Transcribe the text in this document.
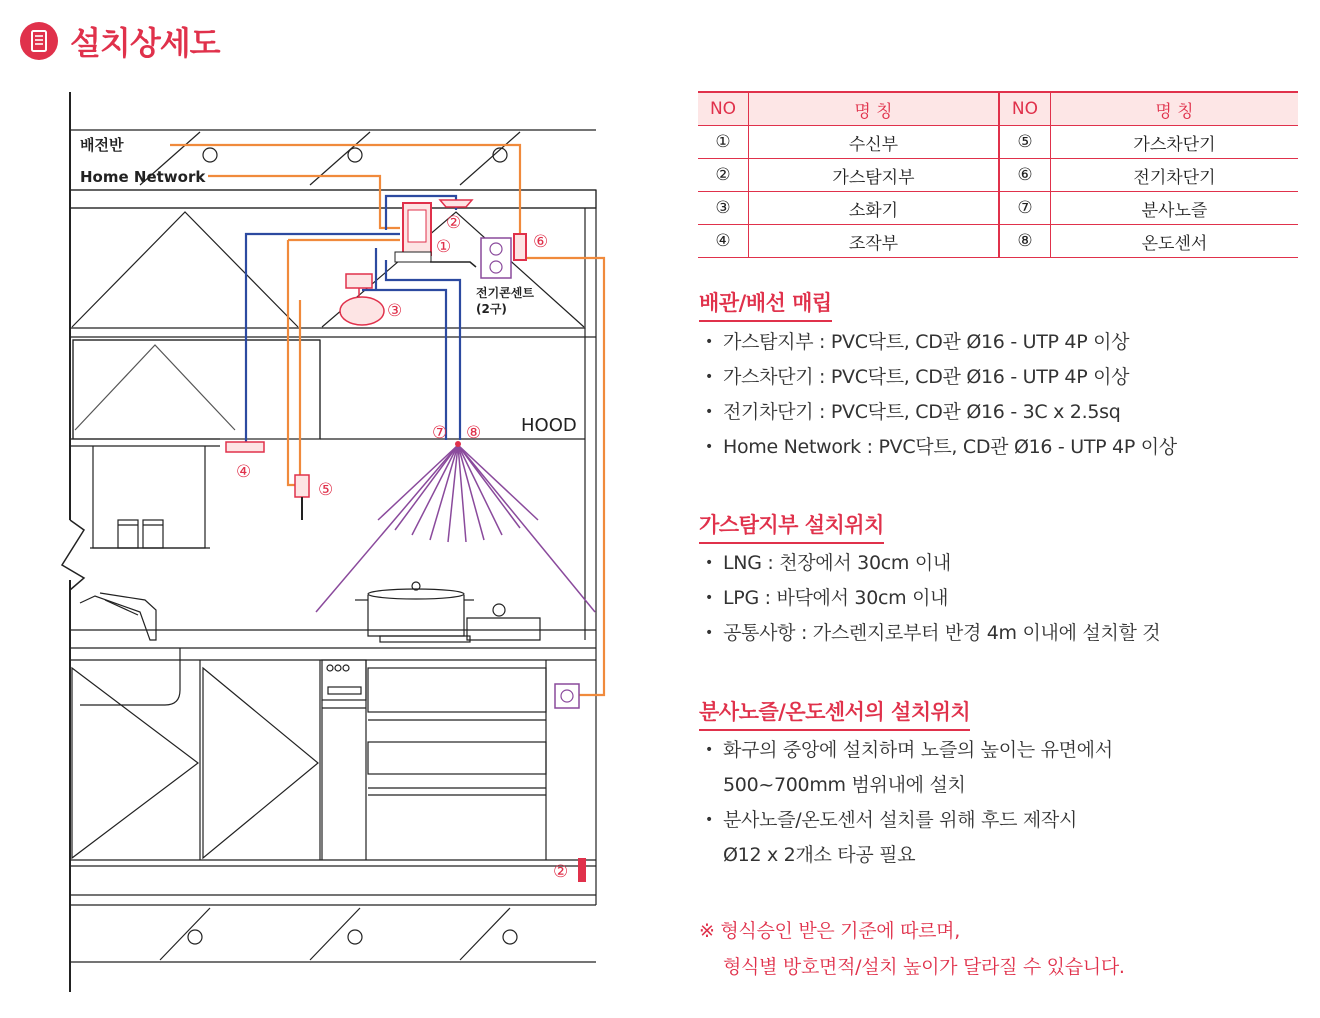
설치상세도
배전반
Home Network
전기콘센트
(2구)
HOOD
①
②
③
④
⑤
⑥
⑦ ⑧
②
NO	명 칭	NO	명 칭
①	수신부	⑤	가스차단기
②	가스탐지부	⑥	전기차단기
③	소화기	⑦	분사노즐
④	조작부	⑧	온도센서
배관/배선 매립
• 가스탐지부 : PVC닥트, CD관 Ø16 - UTP 4P 이상
• 가스차단기 : PVC닥트, CD관 Ø16 - UTP 4P 이상
• 전기차단기 : PVC닥트, CD관 Ø16 - 3C x 2.5sq
• Home Network : PVC닥트, CD관 Ø16 - UTP 4P 이상
가스탐지부 설치위치
• LNG : 천장에서 30cm 이내
• LPG : 바닥에서 30cm 이내
• 공통사항 : 가스렌지로부터 반경 4m 이내에 설치할 것
분사노즐/온도센서의 설치위치
• 화구의 중앙에 설치하며 노즐의 높이는 유면에서
500~700mm 범위내에 설치
• 분사노즐/온도센서 설치를 위해 후드 제작시
Ø12 x 2개소 타공 필요
※ 형식승인 받은 기준에 따르며,
형식별 방호면적/설치 높이가 달라질 수 있습니다.
